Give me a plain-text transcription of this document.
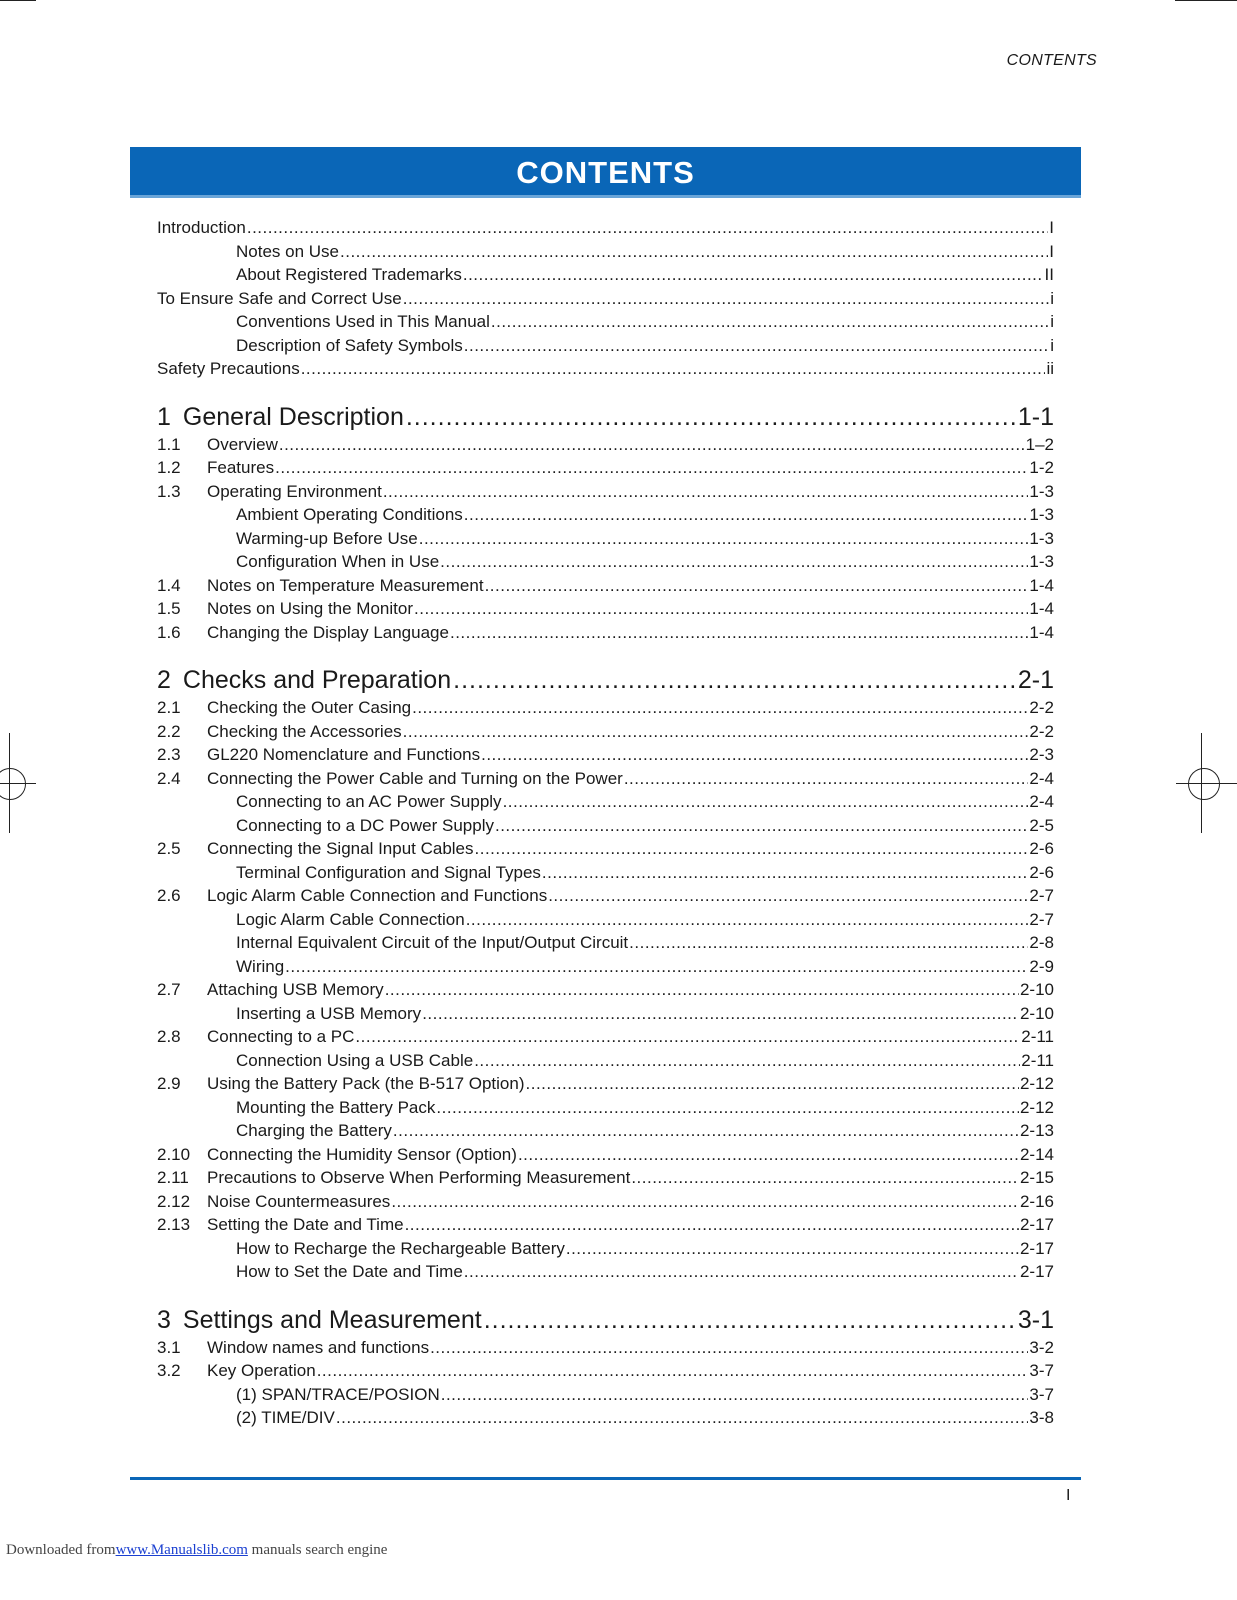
CONTENTS
CONTENTS
Introduction .....	I
Notes on Use .....	I
About Registered Trademarks .....	II
To Ensure Safe and Correct Use .....	i
Conventions Used in This Manual .....	i
Description of Safety Symbols .....	i
Safety Precautions .....	ii
1 General Description .....	1-1
1.1	Overview .....	1–2
1.2	Features .....	1-2
1.3	Operating Environment .....	1-3
Ambient Operating Conditions .....	1-3
Warming-up Before Use .....	1-3
Configuration When in Use .....	1-3
1.4	Notes on Temperature Measurement .....	1-4
1.5	Notes on Using the Monitor .....	1-4
1.6	Changing the Display Language .....	1-4
2 Checks and Preparation .....	2-1
2.1	Checking the Outer Casing .....	2-2
2.2	Checking the Accessories .....	2-2
2.3	GL220 Nomenclature and Functions .....	2-3
2.4	Connecting the Power Cable and Turning on the Power .....	2-4
Connecting to an AC Power Supply .....	2-4
Connecting to a DC Power Supply .....	2-5
2.5	Connecting the Signal Input Cables .....	2-6
Terminal Configuration and Signal Types .....	2-6
2.6	Logic Alarm Cable Connection and Functions .....	2-7
Logic Alarm Cable Connection .....	2-7
Internal Equivalent Circuit of the Input/Output Circuit .....	2-8
Wiring .....	2-9
2.7	Attaching USB Memory .....	2-10
Inserting a USB Memory .....	2-10
2.8	Connecting to a PC .....	2-11
Connection Using a USB Cable .....	2-11
2.9	Using the Battery Pack (the B-517 Option) .....	2-12
Mounting the Battery Pack .....	2-12
Charging the Battery .....	2-13
2.10 Connecting the Humidity Sensor (Option) .....	2-14
2.11	Precautions to Observe When Performing Measurement .....	2-15
2.12 Noise Countermeasures .....	2-16
2.13 Setting the Date and Time .....	2-17
How to Recharge the Rechargeable Battery .....	2-17
How to Set the Date and Time .....	2-17
3 Settings and Measurement .....	3-1
3.1	Window names and functions .....	3-2
3.2	Key Operation .....	3-7
(1) SPAN/TRACE/POSION .....	3-7
(2) TIME/DIV .....	3-8
I
Downloaded fromwww.Manualslib.com manuals search engine
